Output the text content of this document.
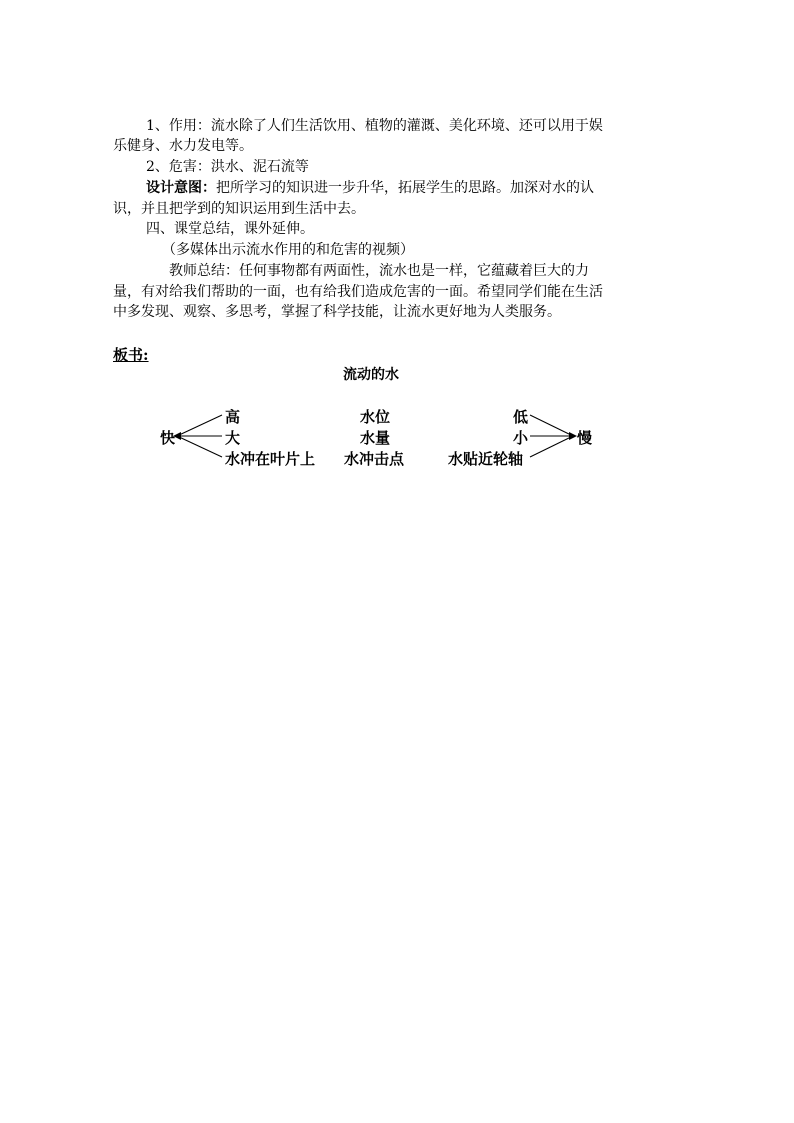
1、作用：流水除了人们生活饮用、植物的灌溉、美化环境、还可以用于娱
乐健身、水力发电等。
2、危害：洪水、泥石流等
设计意图：把所学习的知识进一步升华，拓展学生的思路。加深对水的认
识，并且把学到的知识运用到生活中去。
四、课堂总结，课外延伸。
（多媒体出示流水作用的和危害的视频）
教师总结：任何事物都有两面性，流水也是一样，它蕴藏着巨大的力
量，有对给我们帮助的一面，也有给我们造成危害的一面。希望同学们能在生活
中多发现、观察、多思考，掌握了科学技能，让流水更好地为人类服务。
板书:
流动的水
快
高
大
水冲在叶片上
水位
水量
水冲击点
低
小
水贴近轮轴
慢
